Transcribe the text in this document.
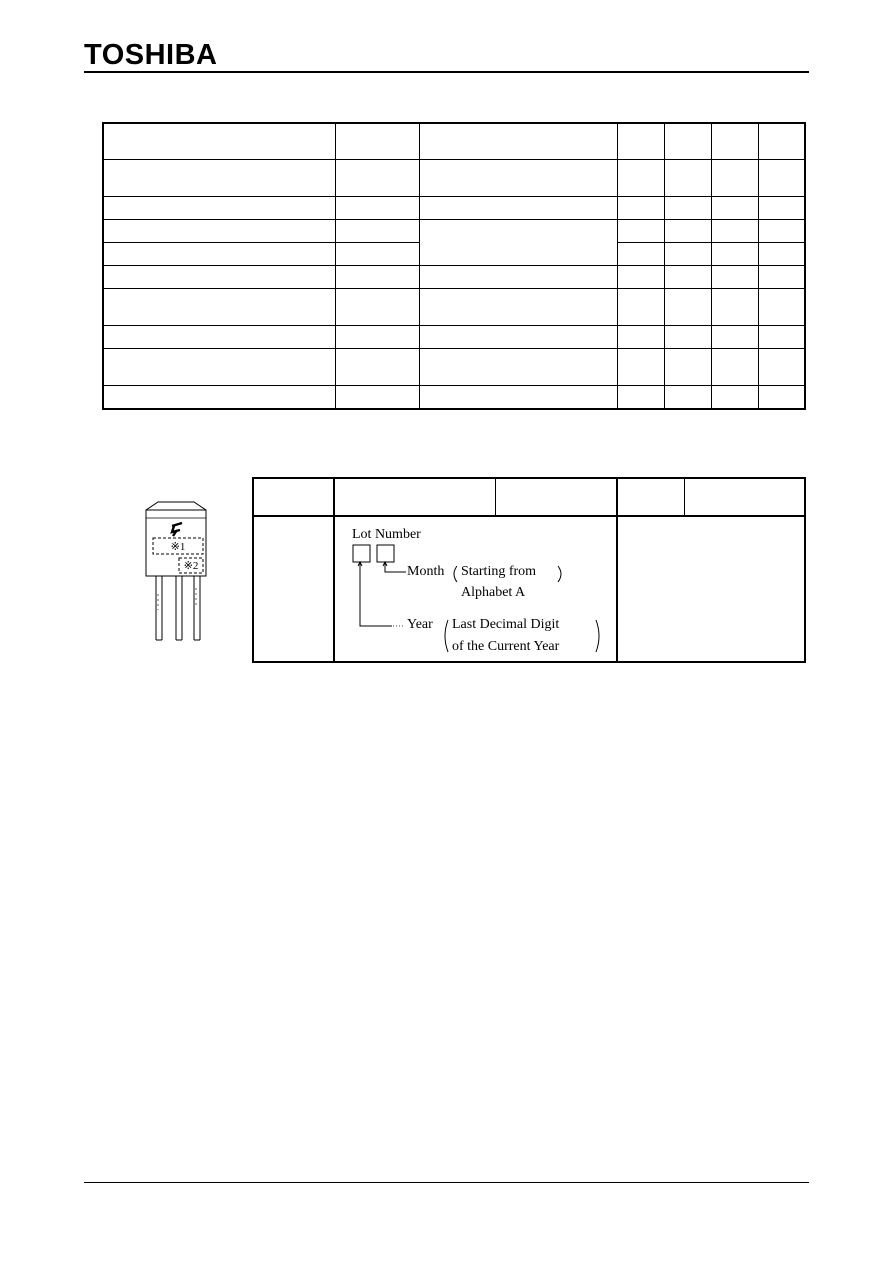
TOSHIBA

※1
※2

Lot Number
Month Starting from
Alphabet A
Year Last Decimal Digit
of the Current Year
